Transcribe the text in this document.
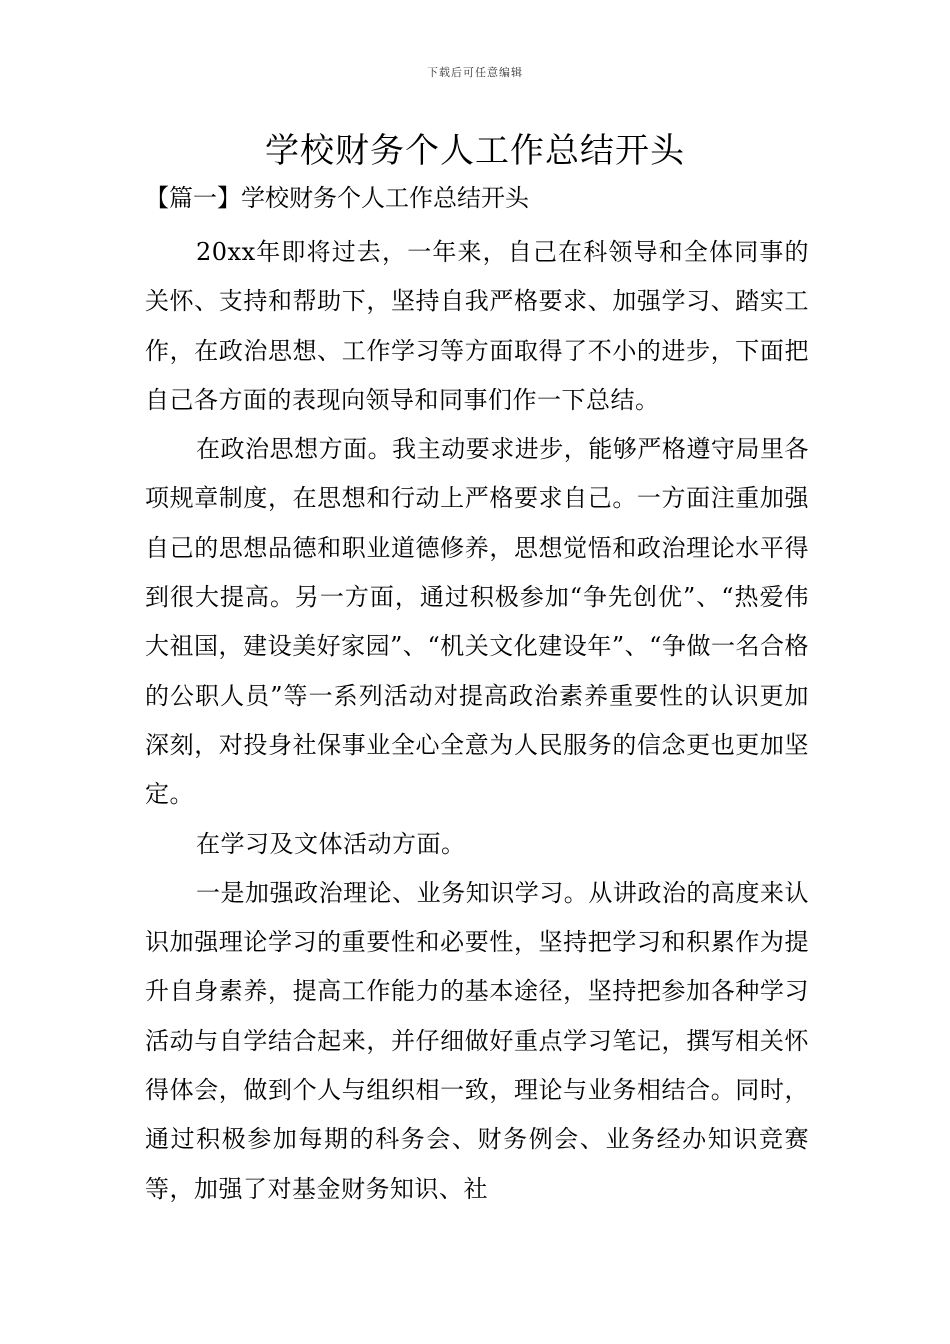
下载后可任意编辑
学校财务个人工作总结开头
【篇一】学校财务个人工作总结开头

20xx年即将过去，一年来，自己在科领导和全体同事的关怀、支持和帮助下，坚持自我严格要求、加强学习、踏实工作，在政治思想、工作学习等方面取得了不小的进步，下面把自己各方面的表现向领导和同事们作一下总结。

在政治思想方面。我主动要求进步，能够严格遵守局里各项规章制度，在思想和行动上严格要求自己。一方面注重加强自己的思想品德和职业道德修养，思想觉悟和政治理论水平得到很大提高。另一方面，通过积极参加“争先创优”、“热爱伟大祖国，建设美好家园”、“机关文化建设年”、“争做一名合格的公职人员”等一系列活动对提高政治素养重要性的认识更加深刻，对投身社保事业全心全意为人民服务的信念更也更加坚定。

在学习及文体活动方面。

一是加强政治理论、业务知识学习。从讲政治的高度来认识加强理论学习的重要性和必要性，坚持把学习和积累作为提升自身素养，提高工作能力的基本途径，坚持把参加各种学习活动与自学结合起来，并仔细做好重点学习笔记，撰写相关怀得体会，做到个人与组织相一致，理论与业务相结合。同时，通过积极参加每期的科务会、财务例会、业务经办知识竞赛等，加强了对基金财务知识、社
